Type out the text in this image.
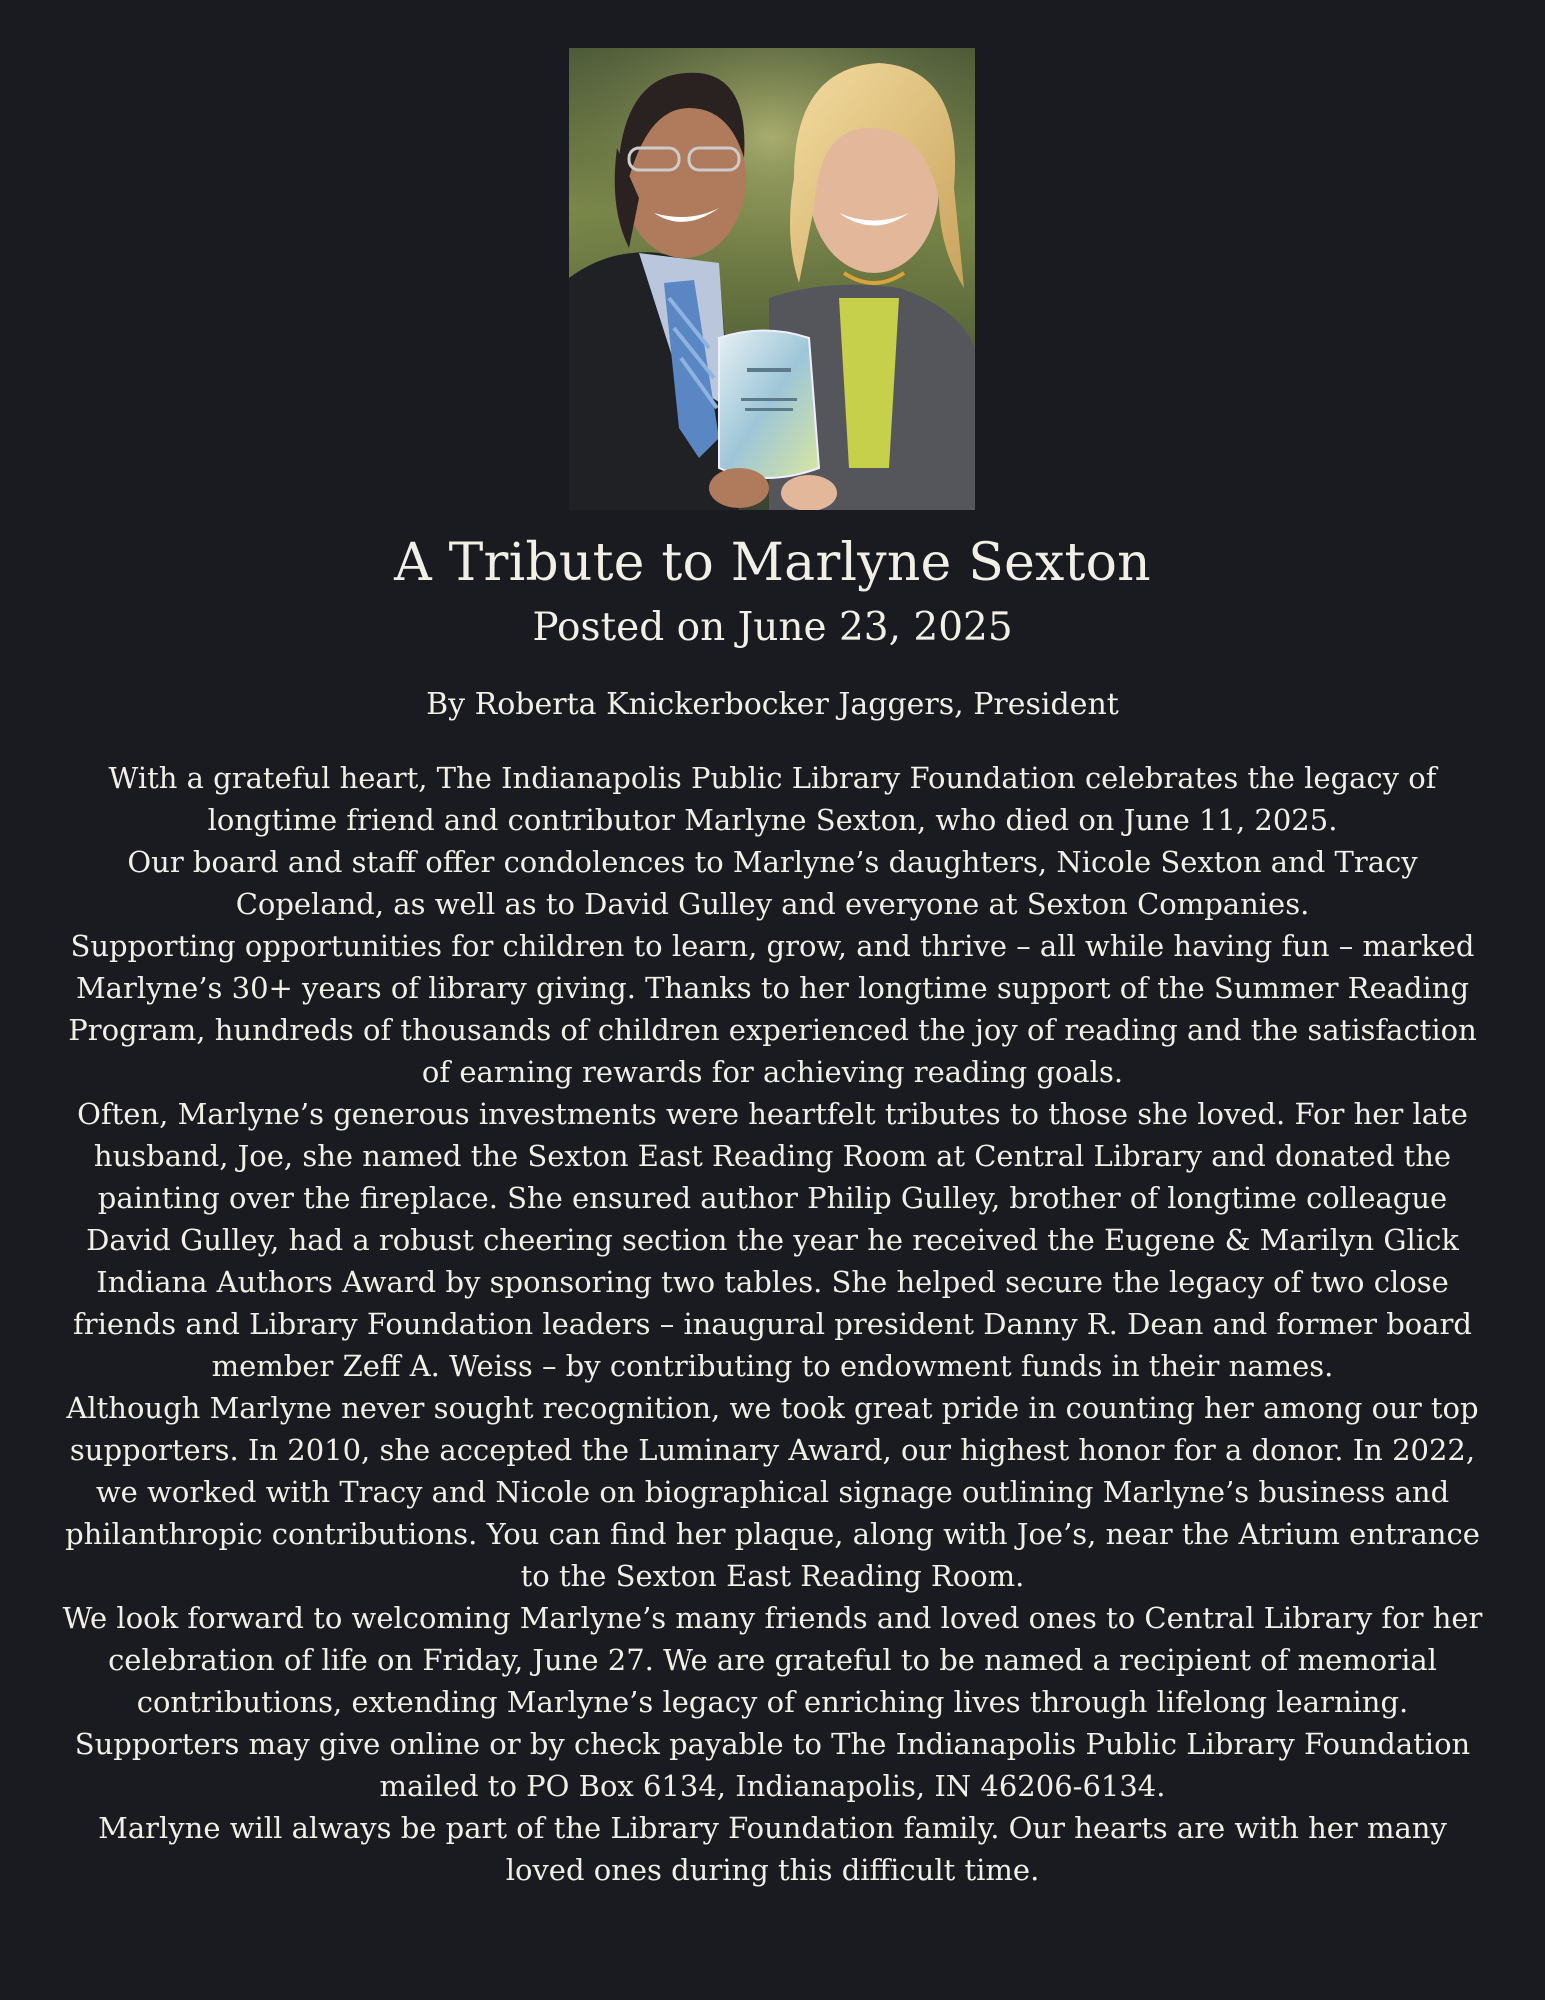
A Tribute to Marlyne Sexton

Posted on June 23, 2025

By Roberta Knickerbocker Jaggers, President

With a grateful heart, The Indianapolis Public Library Foundation celebrates the legacy of longtime friend and contributor Marlyne Sexton, who died on June 11, 2025.

Our board and staff offer condolences to Marlyne’s daughters, Nicole Sexton and Tracy Copeland, as well as to David Gulley and everyone at Sexton Companies.

Supporting opportunities for children to learn, grow, and thrive – all while having fun – marked Marlyne’s 30+ years of library giving. Thanks to her longtime support of the Summer Reading Program, hundreds of thousands of children experienced the joy of reading and the satisfaction of earning rewards for achieving reading goals.

Often, Marlyne’s generous investments were heartfelt tributes to those she loved. For her late husband, Joe, she named the Sexton East Reading Room at Central Library and donated the painting over the fireplace. She ensured author Philip Gulley, brother of longtime colleague David Gulley, had a robust cheering section the year he received the Eugene & Marilyn Glick Indiana Authors Award by sponsoring two tables. She helped secure the legacy of two close friends and Library Foundation leaders – inaugural president Danny R. Dean and former board member Zeff A. Weiss – by contributing to endowment funds in their names.

Although Marlyne never sought recognition, we took great pride in counting her among our top supporters. In 2010, she accepted the Luminary Award, our highest honor for a donor. In 2022, we worked with Tracy and Nicole on biographical signage outlining Marlyne’s business and philanthropic contributions. You can find her plaque, along with Joe’s, near the Atrium entrance to the Sexton East Reading Room.

We look forward to welcoming Marlyne’s many friends and loved ones to Central Library for her celebration of life on Friday, June 27. We are grateful to be named a recipient of memorial contributions, extending Marlyne’s legacy of enriching lives through lifelong learning. Supporters may give online or by check payable to The Indianapolis Public Library Foundation mailed to PO Box 6134, Indianapolis, IN 46206-6134.

Marlyne will always be part of the Library Foundation family. Our hearts are with her many loved ones during this difficult time.
